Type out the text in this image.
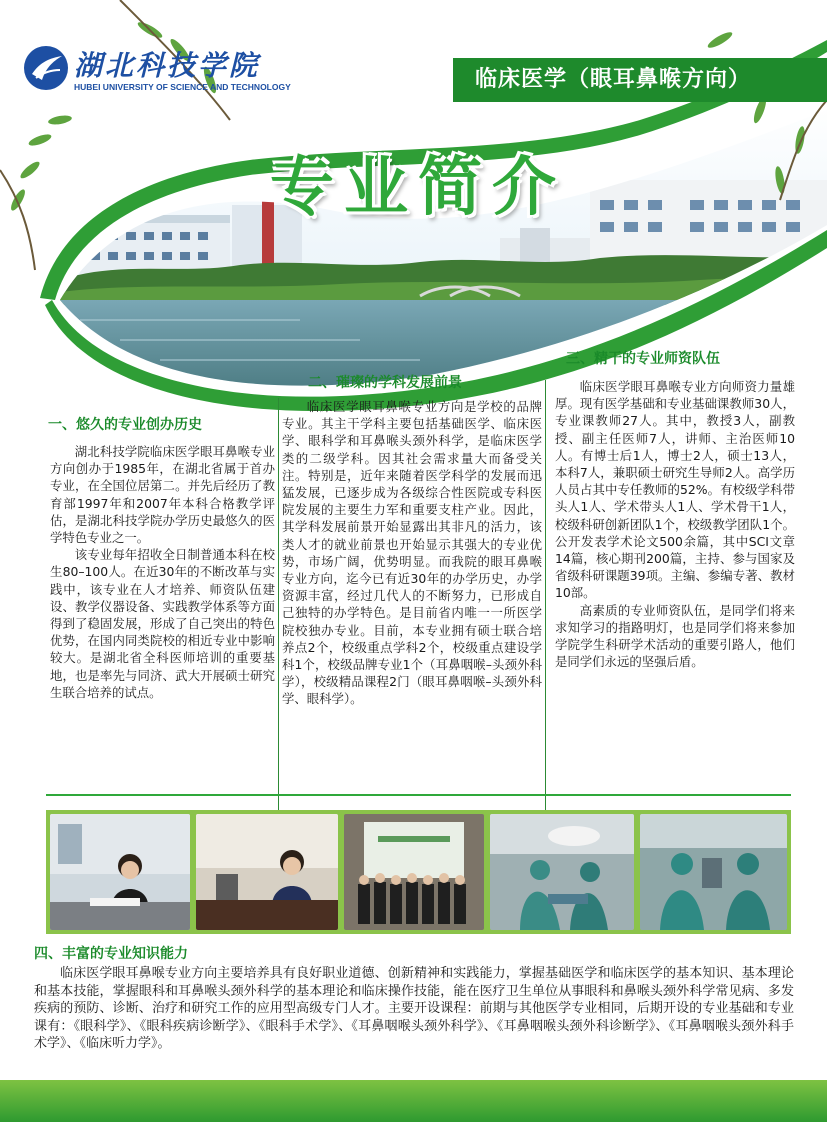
湖北科技学院
HUBEI UNIVERSITY OF SCIENCE AND TECHNOLOGY	临床医学（眼耳鼻喉方向）
专业简介
一、悠久的专业创办历史

湖北科技学院临床医学眼耳鼻喉专业方向创办于1985年，在湖北省属于首办专业，在全国位居第二。并先后经历了教育部1997年和2007年本科合格教学评估，是湖北科技学院办学历史最悠久的医学特色专业之一。

该专业每年招收全日制普通本科在校生80–100人。在近30年的不断改革与实践中，该专业在人才培养、师资队伍建设、教学仪器设备、实践教学体系等方面得到了稳固发展，形成了自己突出的特色优势，在国内同类院校的相近专业中影响较大。是湖北省全科医师培训的重要基地，也是率先与同济、武大开展硕士研究生联合培养的试点。

二、璀璨的学科发展前景

临床医学眼耳鼻喉专业方向是学校的品牌专业。其主干学科主要包括基础医学、临床医学、眼科学和耳鼻喉头颈外科学，是临床医学类的二级学科。因其社会需求量大而备受关注。特别是，近年来随着医学科学的发展而迅猛发展，已逐步成为各级综合性医院或专科医院发展的主要生力军和重要支柱产业。因此，其学科发展前景开始显露出其非凡的活力，该类人才的就业前景也开始显示其强大的专业优势，市场广阔，优势明显。而我院的眼耳鼻喉专业方向，迄今已有近30年的办学历史，办学资源丰富，经过几代人的不断努力，已形成自己独特的办学特色。是目前省内唯一一所医学院校独办专业。目前，本专业拥有硕士联合培养点2个，校级重点学科2个，校级重点建设学科1个，校级品牌专业1个（耳鼻咽喉–头颈外科学），校级精品课程2门（眼耳鼻咽喉–头颈外科学、眼科学）。

三、精干的专业师资队伍

临床医学眼耳鼻喉专业方向师资力量雄厚。现有医学基础和专业基础课教师30人，专业课教师27人。其中，教授3人，副教授、副主任医师7人，讲师、主治医师10人。有博士后1人，博士2人，硕士13人，本科7人，兼职硕士研究生导师2人。高学历人员占其中专任教师的52%。有校级学科带头人1人、学术带头人1人、学术骨干1人，校级科研创新团队1个，校级教学团队1个。公开发表学术论文500余篇，其中SCI文章14篇，核心期刊200篇，主持、参与国家及省级科研课题39项。主编、参编专著、教材10部。

高素质的专业师资队伍，是同学们将来求知学习的指路明灯，也是同学们将来参加学院学生科研学术活动的重要引路人，他们是同学们永远的坚强后盾。

四、丰富的专业知识能力

临床医学眼耳鼻喉专业方向主要培养具有良好职业道德、创新精神和实践能力，掌握基础医学和临床医学的基本知识、基本理论和基本技能，掌握眼科和耳鼻喉头颈外科学的基本理论和临床操作技能，能在医疗卫生单位从事眼科和鼻喉头颈外科学常见病、多发疾病的预防、诊断、治疗和研究工作的应用型高级专门人才。主要开设课程：前期与其他医学专业相同，后期开设的专业基础和专业课有：《眼科学》、《眼科疾病诊断学》、《眼科手术学》、《耳鼻咽喉头颈外科学》、《耳鼻咽喉头颈外科诊断学》、《耳鼻咽喉头颈外科手术学》、《临床听力学》。
